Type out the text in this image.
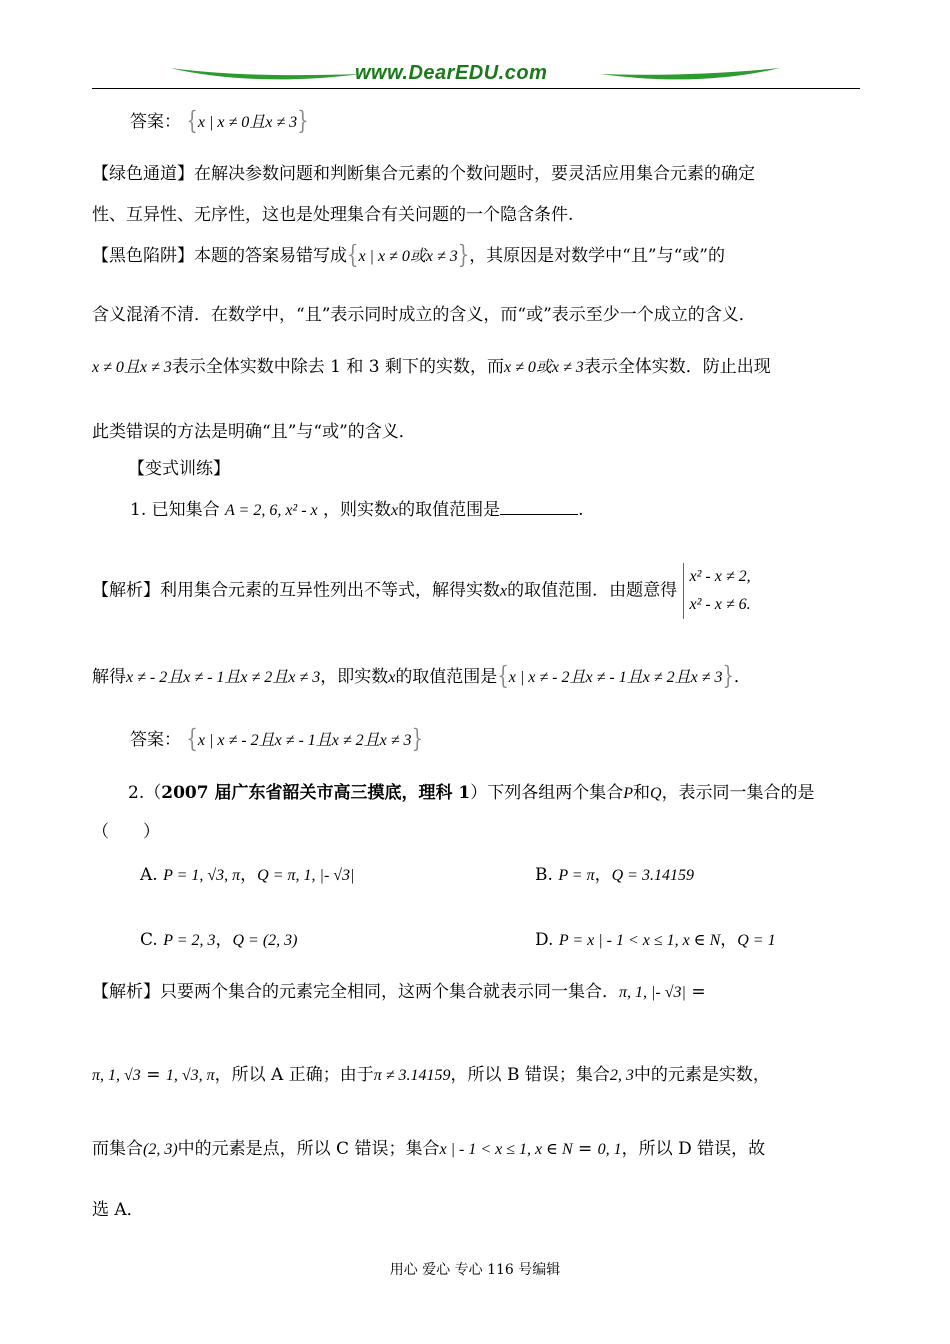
www.DearEDU.com
答案： {x | x ≠ 0且x ≠ 3}
【绿色通道】在解决参数问题和判断集合元素的个数问题时，要灵活应用集合元素的确定
性、互异性、无序性，这也是处理集合有关问题的一个隐含条件.
【黑色陷阱】本题的答案易错写成{x | x ≠ 0或x ≠ 3}，其原因是对数学中“且”与“或”的
含义混淆不清．在数学中，“且”表示同时成立的含义，而“或”表示至少一个成立的含义．
x ≠ 0且x ≠ 3表示全体实数中除去 1 和 3 剩下的实数，而x ≠ 0或x ≠ 3表示全体实数．防止出现
此类错误的方法是明确“且”与“或”的含义．
【变式训练】
1. 已知集合 A = 2, 6, x² - x ，则实数x的取值范围是	.
【解析】利用集合元素的互异性列出不等式，解得实数x的取值范围．由题意得 x² - x ≠ 2,
x² - x ≠ 6.
解得x ≠ - 2且x ≠ - 1且x ≠ 2且x ≠ 3，即实数x的取值范围是{x | x ≠ - 2且x ≠ - 1且x ≠ 2且x ≠ 3}．
答案： {x | x ≠ - 2且x ≠ - 1且x ≠ 2且x ≠ 3}
2.（2007 届广东省韶关市高三摸底，理科 1）下列各组两个集合P和Q，表示同一集合的是
（　　）
A. P = 1, √3, π，Q = π, 1, |- √3|	B. P = π，Q = 3.14159
C. P = 2, 3，Q = (2, 3)	D. P = x | - 1 < x ≤ 1, x ∈ N，Q = 1
【解析】只要两个集合的元素完全相同，这两个集合就表示同一集合．π, 1, |- √3| =
π, 1, √3 = 1, √3, π，所以 A 正确；由于π ≠ 3.14159，所以 B 错误；集合2, 3中的元素是实数，
而集合(2, 3)中的元素是点，所以 C 错误；集合x | - 1 < x ≤ 1, x ∈ N = 0, 1，所以 D 错误，故
选 A．
用心 爱心 专心 116 号编辑
